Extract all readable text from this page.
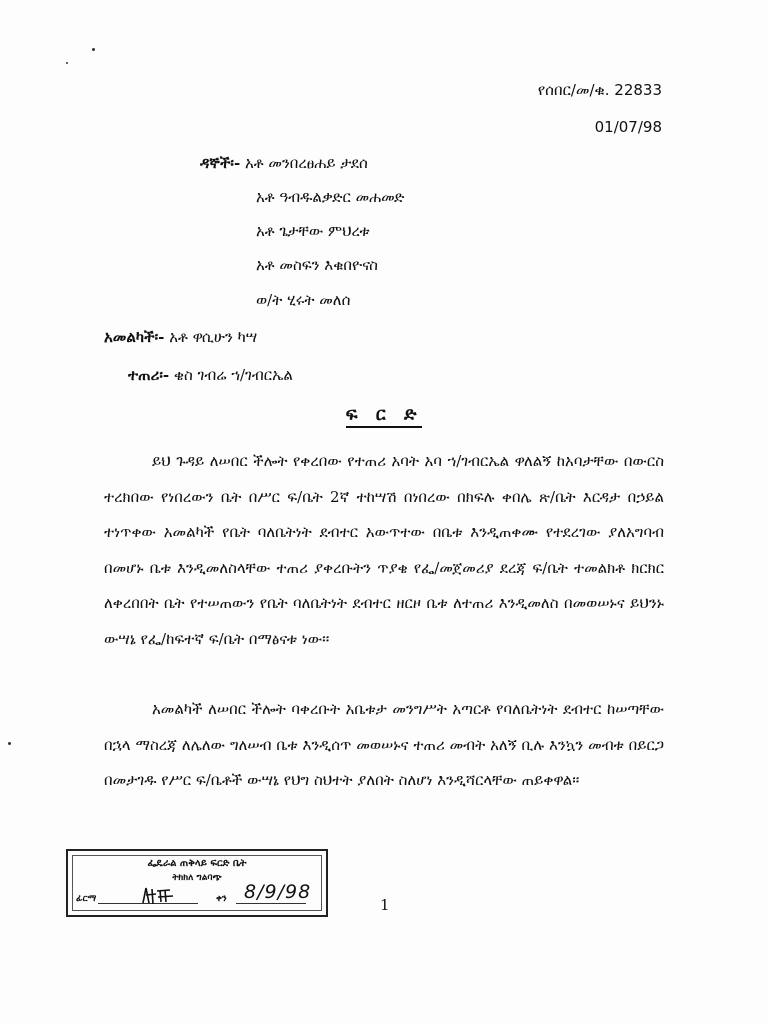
የሰበር/መ/ቁ. 22833
01/07/98
ዳኞች፡- አቶ መንበረፀሐይ ታደሰ
አቶ ዓብዱልቃድር መሐመድ
አቶ ጌታቸው ምህረቱ
አቶ መስፍን እቁበዮናስ
ወ/ት ሂሩት መለሰ
አመልካች፡- አቶ ዋሲሁን ካሣ
ተጠሪ፡- ቄስ ገብሬ ኀ/ገብርኤል
ፍ ር ድ
ይህ ጉዳይ ለሠበር ችሎት የቀረበው የተጠሪ አባት አባ ኀ/ገብርኤል ዋለልኝ ከአባታቸው በውርስ ተረክበው የነበረውን ቤት በሥር ፍ/ቤት 2ኛ ተከሣሽ በነበረው በክፍሉ ቀበሌ ጽ/ቤት እርዳታ በኃይል ተነጥቀው አመልካች የቤት ባለቤትነት ደብተር አውጥተው በቤቱ እንዲጠቀሙ የተደረገው ያለአግባብ በመሆኑ ቤቱ እንዲመለስላቸው ተጠሪ ያቀረቡትን ጥያቄ የፌ/መጀመሪያ ደረጃ ፍ/ቤት ተመልክቶ ክርክር ለቀረበበት ቤት የተሠጠውን የቤት ባለቤትነት ደብተር ዘርዞ ቤቱ ለተጠሪ እንዲመለስ በመወሠኑና ይህንኑ ውሣኔ የፌ/ከፍተኛ ፍ/ቤት በማፅናቱ ነው፡፡
አመልካች ለሠበር ችሎት ባቀረቡት አቤቱታ መንግሥት አጣርቶ የባለቤትነት ደብተር ከሠጣቸው በኋላ ማስረጃ ለሌለው ግለሠብ ቤቱ እንዲሰጥ መወሠኑና ተጠሪ መብት አለኝ ቢሉ እንኳን መብቱ በይርጋ በመታገዱ የሥር ፍ/ቤቶች ውሣኔ የህግ ስህተት ያለበት ስለሆነ እንዲሻርላቸው ጠይቀዋል፡፡
ፌዴራል ጠቅላይ ፍርድ ቤት
ትክክለ ግልባጭ
ፊርማ	ቀን 8/9/98
1
